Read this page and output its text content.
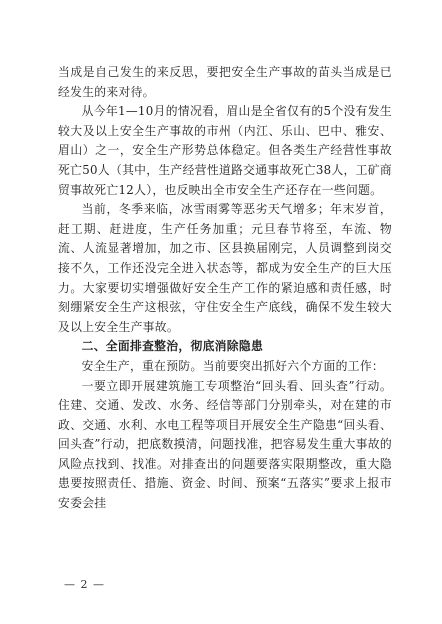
当成是自己发生的来反思，要把安全生产事故的苗头当成是已经发生的来对待。

从今年1—10月的情况看，眉山是全省仅有的5个没有发生较大及以上安全生产事故的市州（内江、乐山、巴中、雅安、眉山）之一，安全生产形势总体稳定。但各类生产经营性事故死亡50人（其中，生产经营性道路交通事故死亡38人，工矿商贸事故死亡12人），也反映出全市安全生产还存在一些问题。

当前，冬季来临，冰雪雨雾等恶劣天气增多；年末岁首，赶工期、赶进度，生产任务加重；元旦春节将至，车流、物流、人流显著增加，加之市、区县换届刚完，人员调整到岗交接不久，工作还没完全进入状态等，都成为安全生产的巨大压力。大家要切实增强做好安全生产工作的紧迫感和责任感，时刻绷紧安全生产这根弦，守住安全生产底线，确保不发生较大及以上安全生产事故。

二、全面排查整治，彻底消除隐患

安全生产，重在预防。当前要突出抓好六个方面的工作：

一要立即开展建筑施工专项整治“回头看、回头查”行动。住建、交通、发改、水务、经信等部门分别牵头，对在建的市政、交通、水利、水电工程等项目开展安全生产隐患“回头看、回头查”行动，把底数摸清，问题找准，把容易发生重大事故的风险点找到、找准。对排查出的问题要落实限期整改，重大隐患要按照责任、措施、资金、时间、预案“五落实”要求上报市安委会挂

— 2 —
